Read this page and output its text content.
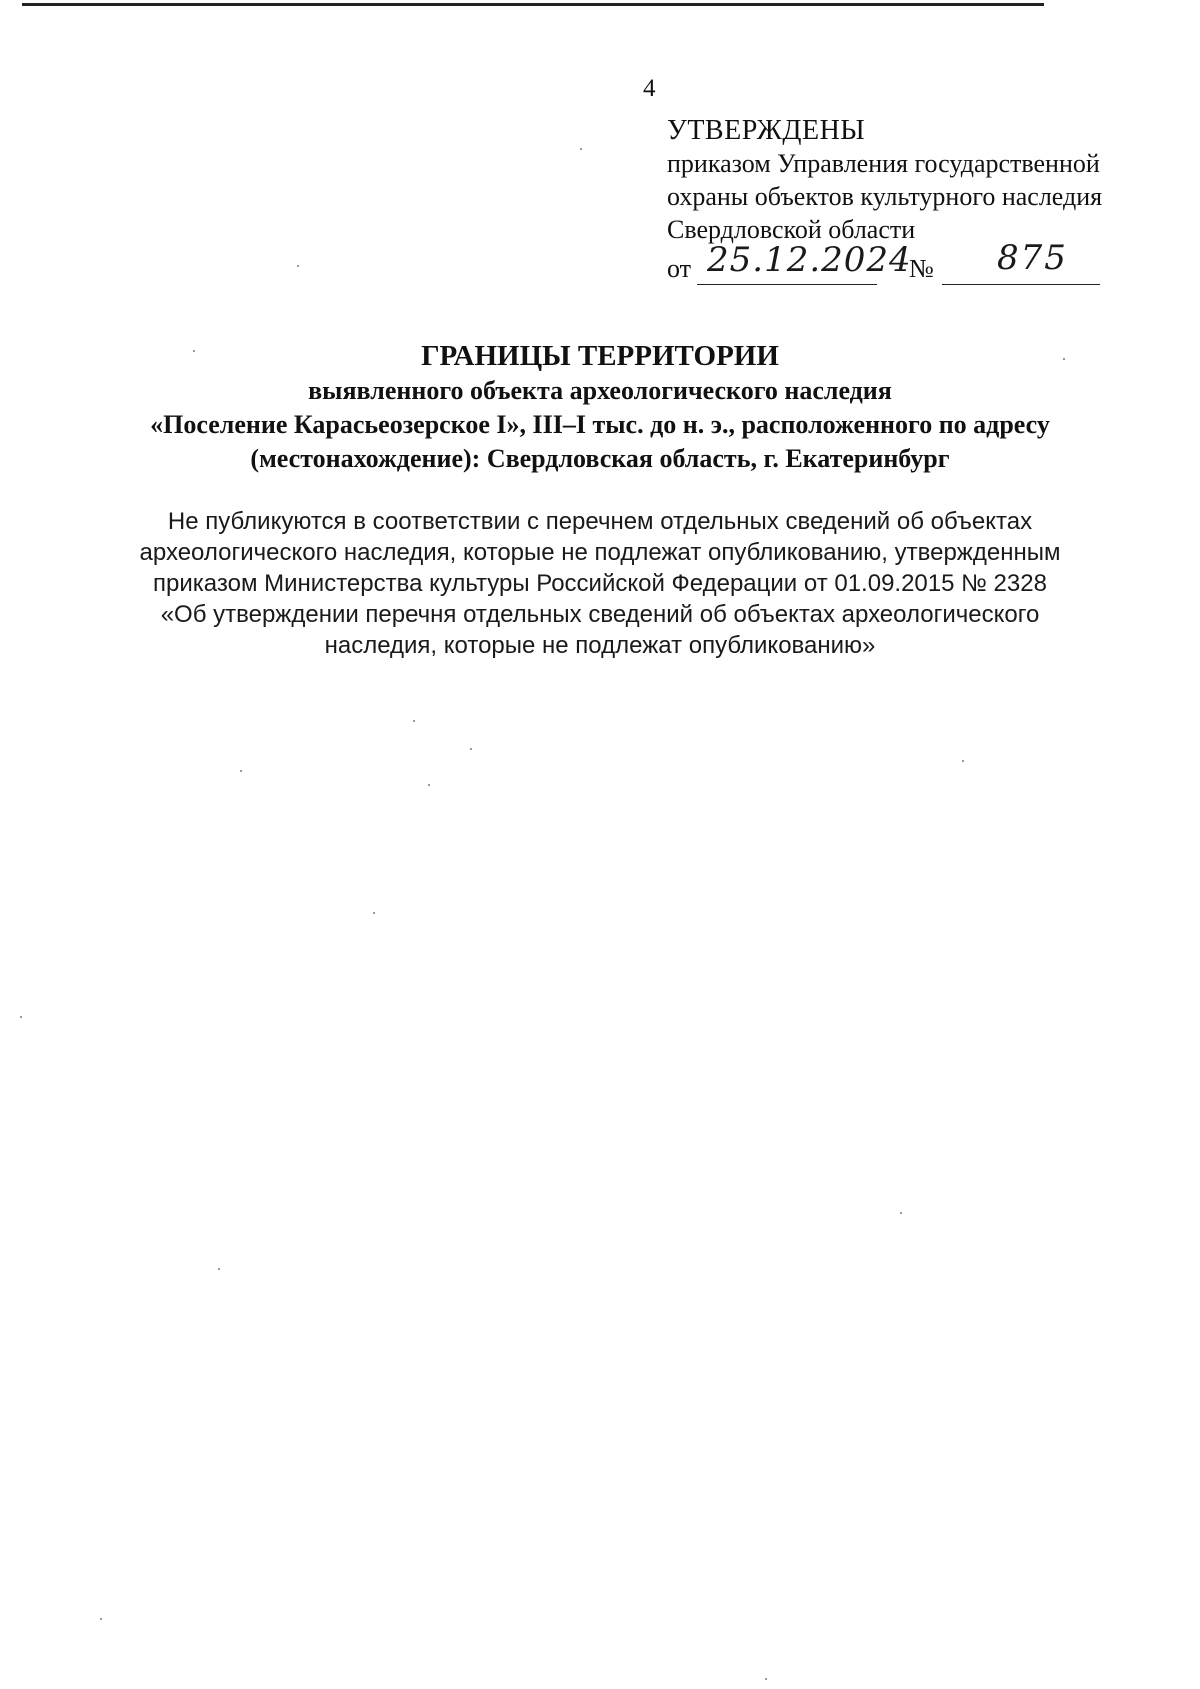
4
УТВЕРЖДЕНЫ
приказом Управления государственной
охраны объектов культурного наследия
Свердловской области
от 25.12.2024
№ 875
ГРАНИЦЫ ТЕРРИТОРИИ
выявленного объекта археологического наследия
«Поселение Карасьеозерское I», III–I тыс. до н. э., расположенного по адресу
(местонахождение): Свердловская область, г. Екатеринбург
Не публикуются в соответствии с перечнем отдельных сведений об объектах
археологического наследия, которые не подлежат опубликованию, утвержденным
приказом Министерства культуры Российской Федерации от 01.09.2015 № 2328
«Об утверждении перечня отдельных сведений об объектах археологического
наследия, которые не подлежат опубликованию»
